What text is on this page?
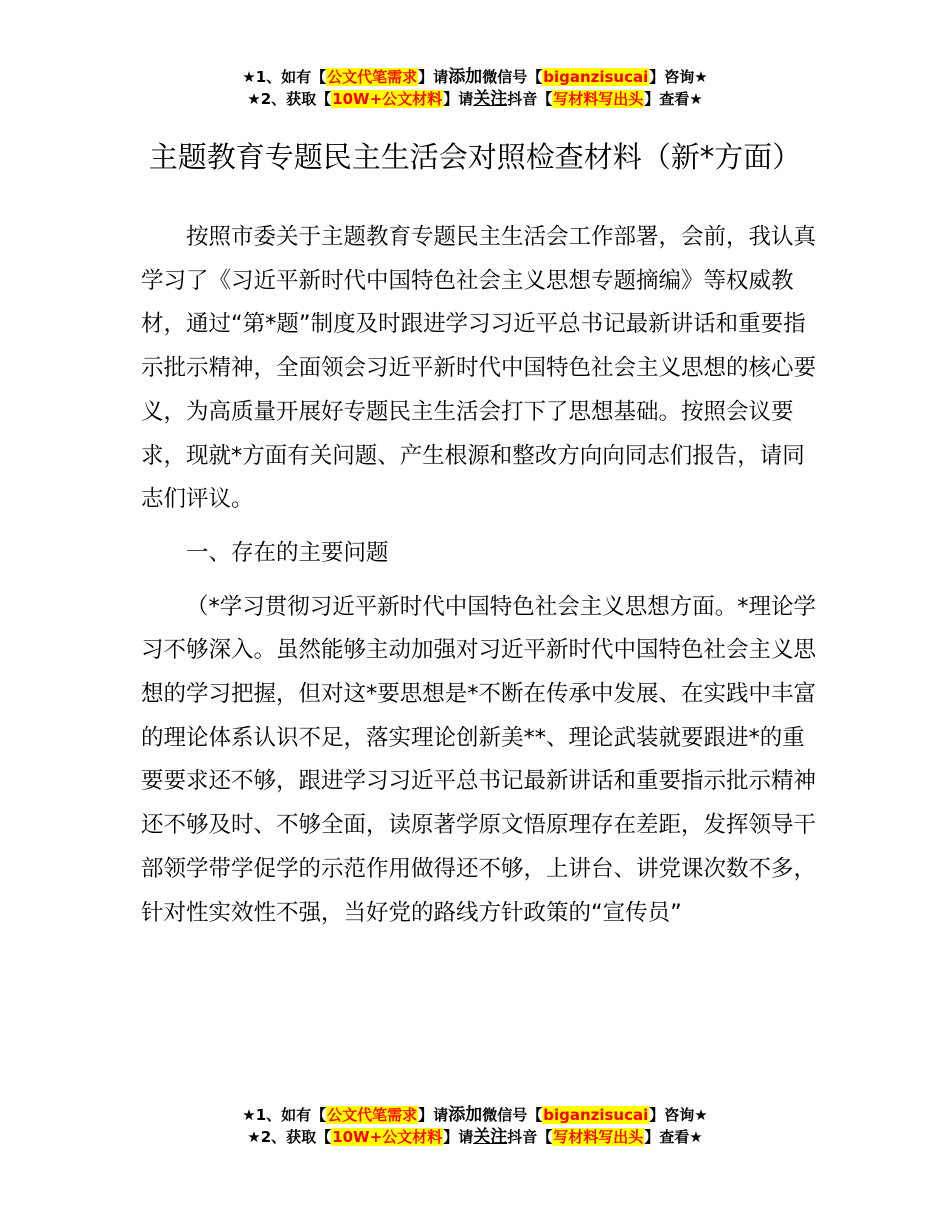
★1、如有【公文代笔需求】请添加微信号【biganzisucai】咨询★
★2、获取【10W+公文材料】请关注抖音【写材料写出头】查看★
主题教育专题民主生活会对照检查材料（新*方面）

按照市委关于主题教育专题民主生活会工作部署，会前，我认真学习了《习近平新时代中国特色社会主义思想专题摘编》等权威教材，通过“第*题”制度及时跟进学习习近平总书记最新讲话和重要指示批示精神，全面领会习近平新时代中国特色社会主义思想的核心要义，为高质量开展好专题民主生活会打下了思想基础。按照会议要求，现就*方面有关问题、产生根源和整改方向向同志们报告，请同志们评议。

一、存在的主要问题

（*学习贯彻习近平新时代中国特色社会主义思想方面。*理论学习不够深入。虽然能够主动加强对习近平新时代中国特色社会主义思想的学习把握，但对这*要思想是*不断在传承中发展、在实践中丰富的理论体系认识不足，落实理论创新美**、理论武装就要跟进*的重要要求还不够，跟进学习习近平总书记最新讲话和重要指示批示精神还不够及时、不够全面，读原著学原文悟原理存在差距，发挥领导干部领学带学促学的示范作用做得还不够，上讲台、讲党课次数不多，针对性实效性不强，当好党的路线方针政策的“宣传员”

★1、如有【公文代笔需求】请添加微信号【biganzisucai】咨询★
★2、获取【10W+公文材料】请关注抖音【写材料写出头】查看★
